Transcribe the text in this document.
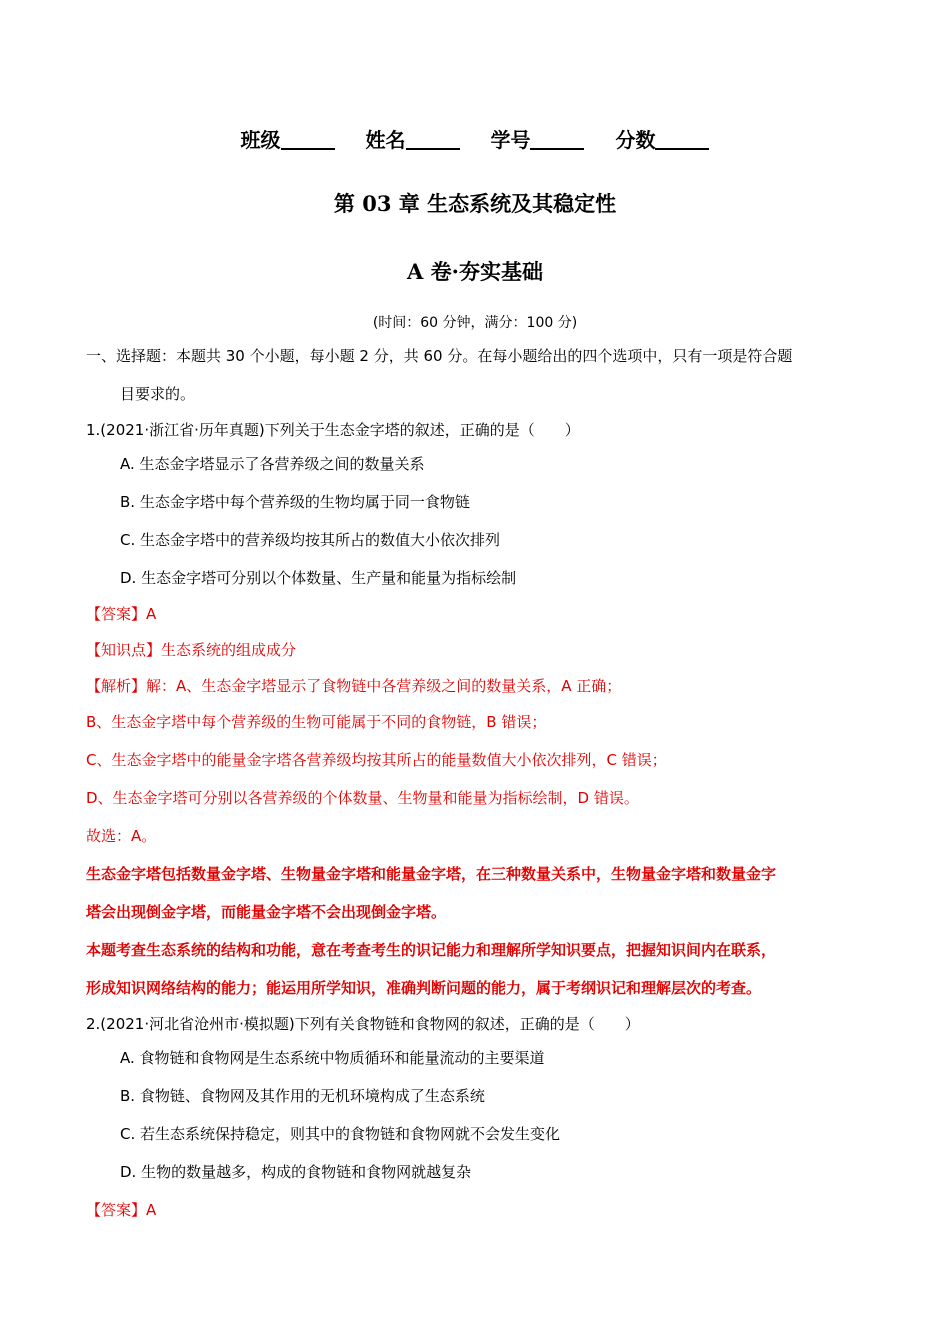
班级	姓名	学号	分数
第 03 章 生态系统及其稳定性
A 卷·夯实基础
(时间：60 分钟，满分：100 分)
一、选择题：本题共 30 个小题，每小题 2 分，共 60 分。在每小题给出的四个选项中，只有一项是符合题
目要求的。
1.(2021·浙江省·历年真题)下列关于生态金字塔的叙述，正确的是（　　）
A. 生态金字塔显示了各营养级之间的数量关系
B. 生态金字塔中每个营养级的生物均属于同一食物链
C. 生态金字塔中的营养级均按其所占的数值大小依次排列
D. 生态金字塔可分别以个体数量、生产量和能量为指标绘制
【答案】A
【知识点】生态系统的组成成分
【解析】解：A、生态金字塔显示了食物链中各营养级之间的数量关系，A 正确；
B、生态金字塔中每个营养级的生物可能属于不同的食物链，B 错误；
C、生态金字塔中的能量金字塔各营养级均按其所占的能量数值大小依次排列，C 错误；
D、生态金字塔可分别以各营养级的个体数量、生物量和能量为指标绘制，D 错误。
故选：A。
生态金字塔包括数量金字塔、生物量金字塔和能量金字塔，在三种数量关系中，生物量金字塔和数量金字
塔会出现倒金字塔，而能量金字塔不会出现倒金字塔。
本题考查生态系统的结构和功能，意在考查考生的识记能力和理解所学知识要点，把握知识间内在联系，
形成知识网络结构的能力；能运用所学知识，准确判断问题的能力，属于考纲识记和理解层次的考查。
2.(2021·河北省沧州市·模拟题)下列有关食物链和食物网的叙述，正确的是（　　）
A. 食物链和食物网是生态系统中物质循环和能量流动的主要渠道
B. 食物链、食物网及其作用的无机环境构成了生态系统
C. 若生态系统保持稳定，则其中的食物链和食物网就不会发生变化
D. 生物的数量越多，构成的食物链和食物网就越复杂
【答案】A
